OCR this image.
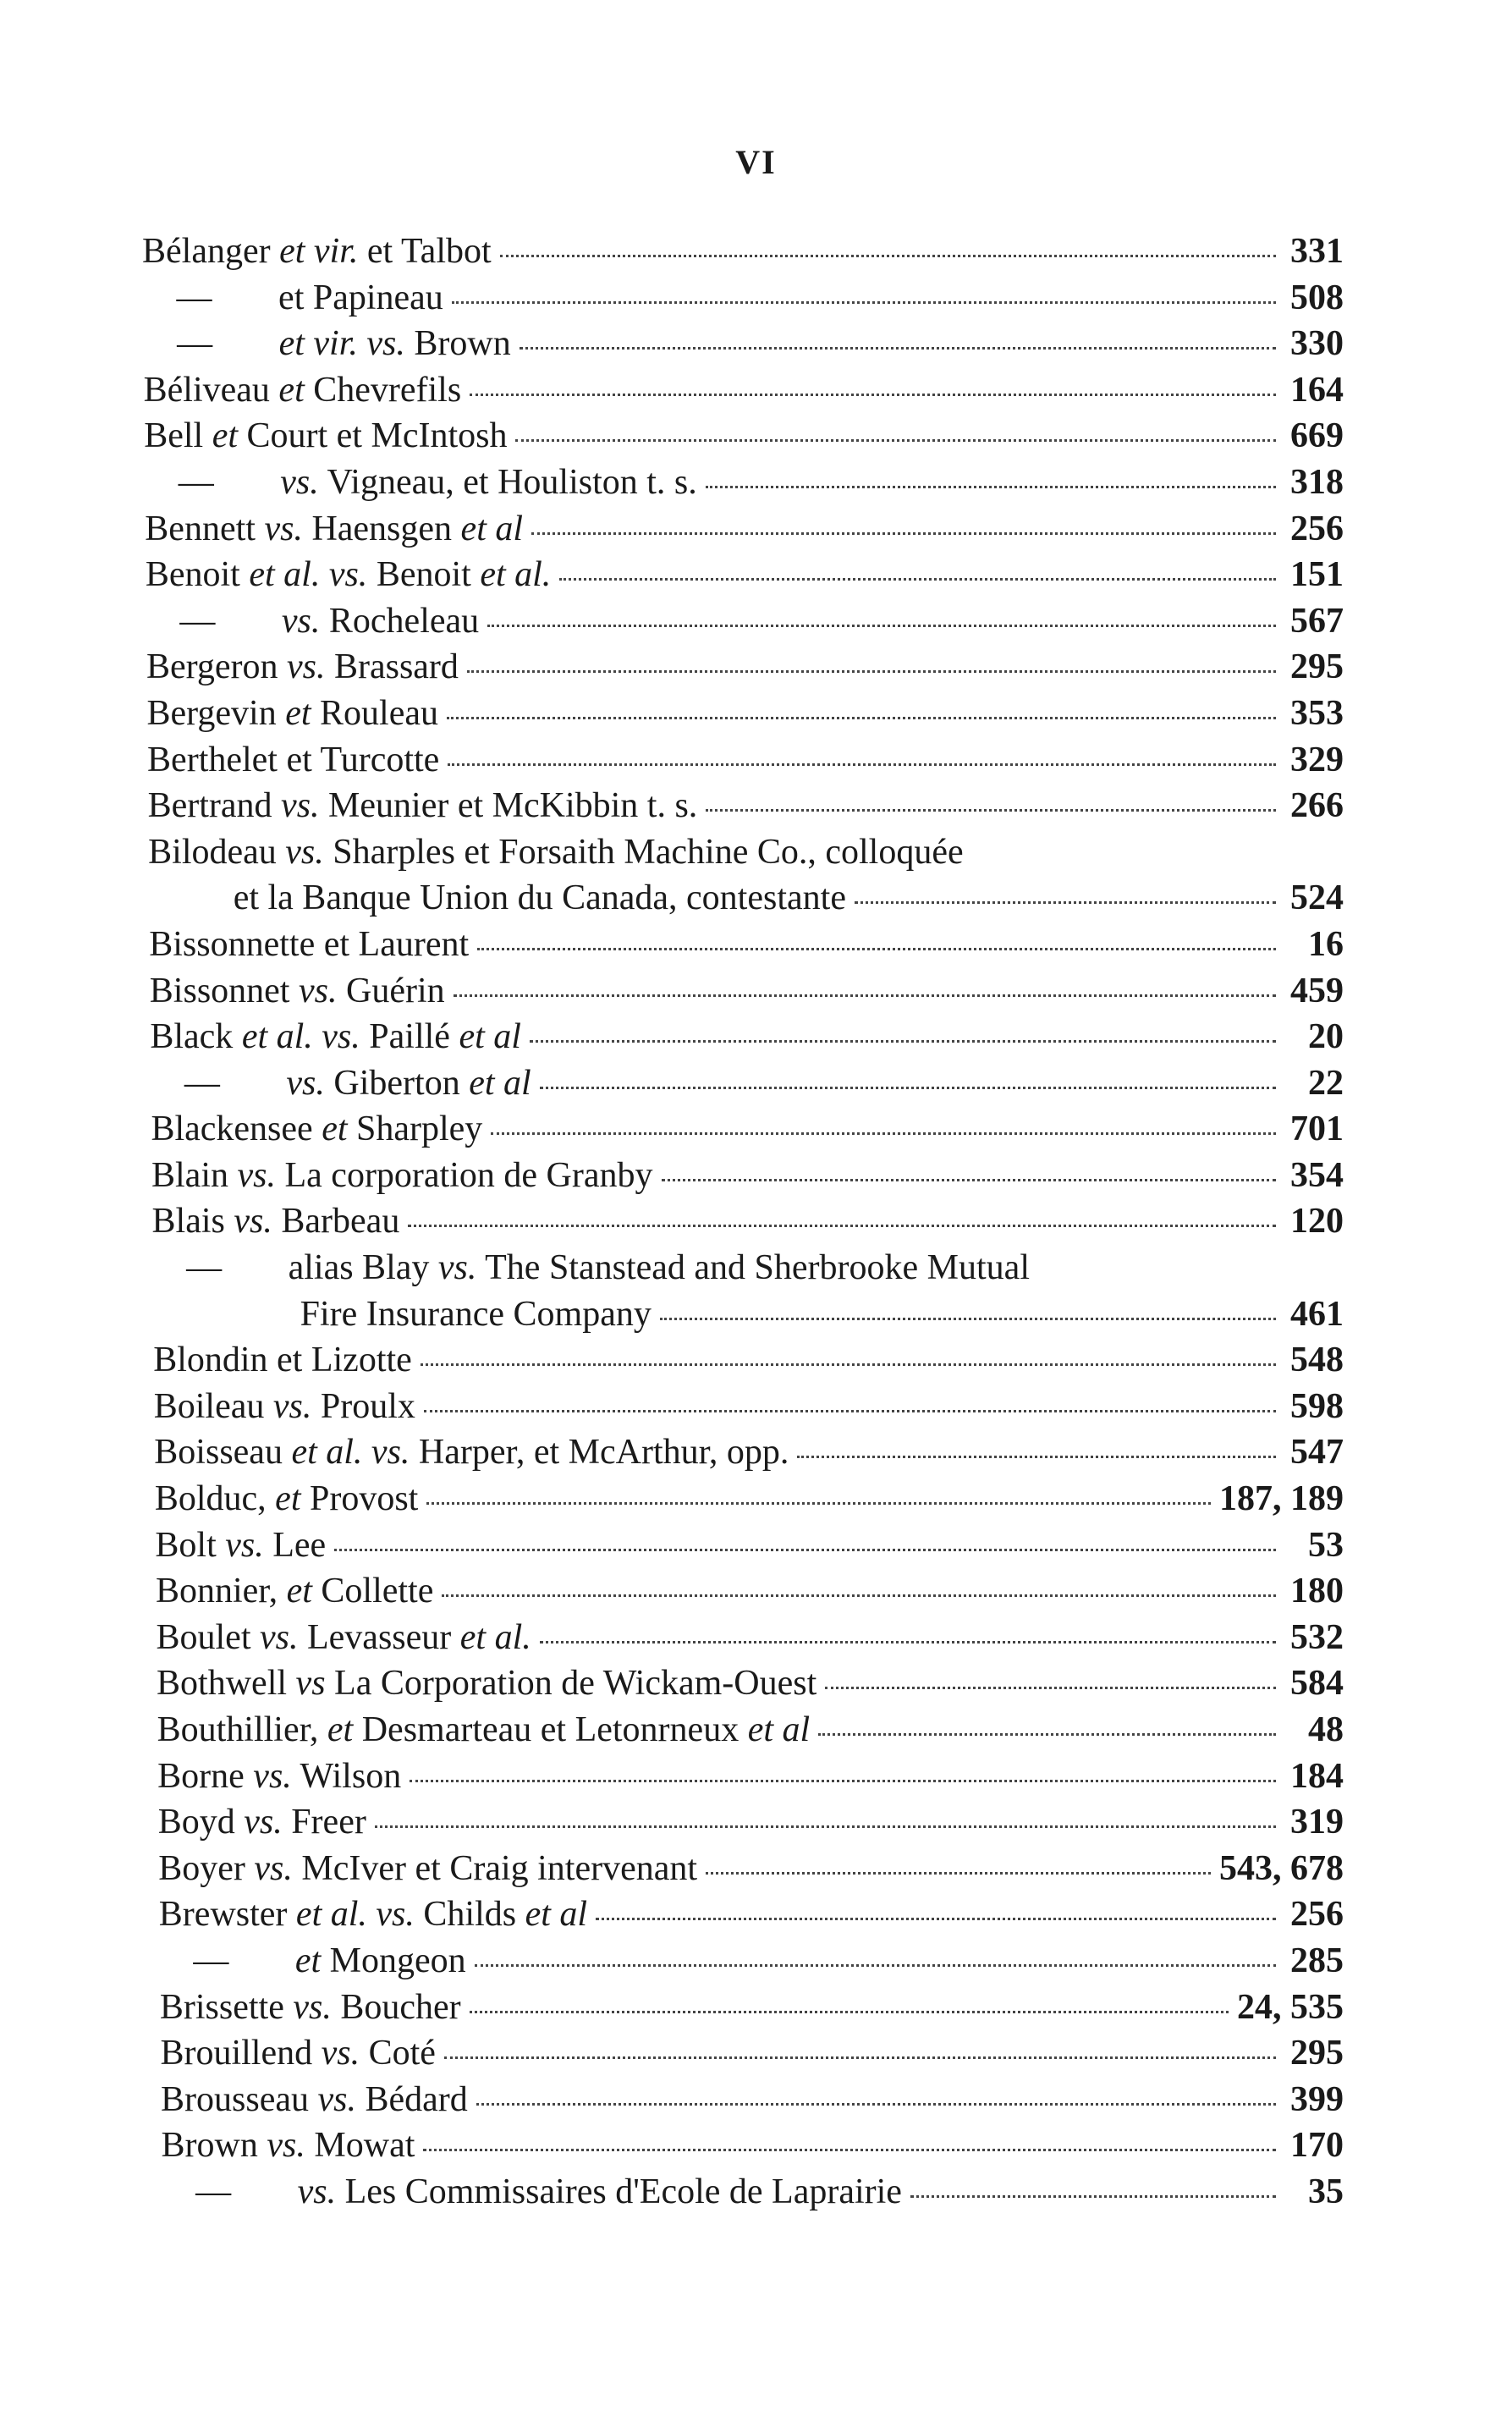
VI
Bélanger et vir. et Talbot	331
— et Papineau	508
— et vir. vs. Brown	330
Béliveau et Chevrefils	164
Bell et Court et McIntosh	669
— vs. Vigneau, et Houliston t. s.	318
Bennett vs. Haensgen et al	256
Benoit et al. vs. Benoit et al.	151
— vs. Rocheleau	567
Bergeron vs. Brassard	295
Bergevin et Rouleau	353
Berthelet et Turcotte	329
Bertrand vs. Meunier et McKibbin t. s.	266
Bilodeau vs. Sharples et Forsaith Machine Co., colloquée
et la Banque Union du Canada, contestante	524
Bissonnette et Laurent	16
Bissonnet vs. Guérin	459
Black et al. vs. Paillé et al	20
— vs. Giberton et al	22
Blackensee et Sharpley	701
Blain vs. La corporation de Granby	354
Blais vs. Barbeau	120
— alias Blay vs. The Stanstead and Sherbrooke Mutual
  Fire Insurance Company	461
Blondin et Lizotte	548
Boileau vs. Proulx	598
Boisseau et al. vs. Harper, et McArthur, opp.	547
Bolduc, et Provost	187, 189
Bolt vs. Lee	53
Bonnier, et Collette	180
Boulet vs. Levasseur et al.	532
Bothwell vs La Corporation de Wickam-Ouest	584
Bouthillier, et Desmarteau et Letonrneux et al	48
Borne vs. Wilson	184
Boyd vs. Freer	319
Boyer vs. McIver et Craig intervenant	543, 678
Brewster et al. vs. Childs et al	256
— et Mongeon	285
Brissette vs. Boucher	24, 535
Brouillend vs. Coté	295
Brousseau vs. Bédard	399
Brown vs. Mowat	170
— vs. Les Commissaires d'Ecole de Laprairie	35
